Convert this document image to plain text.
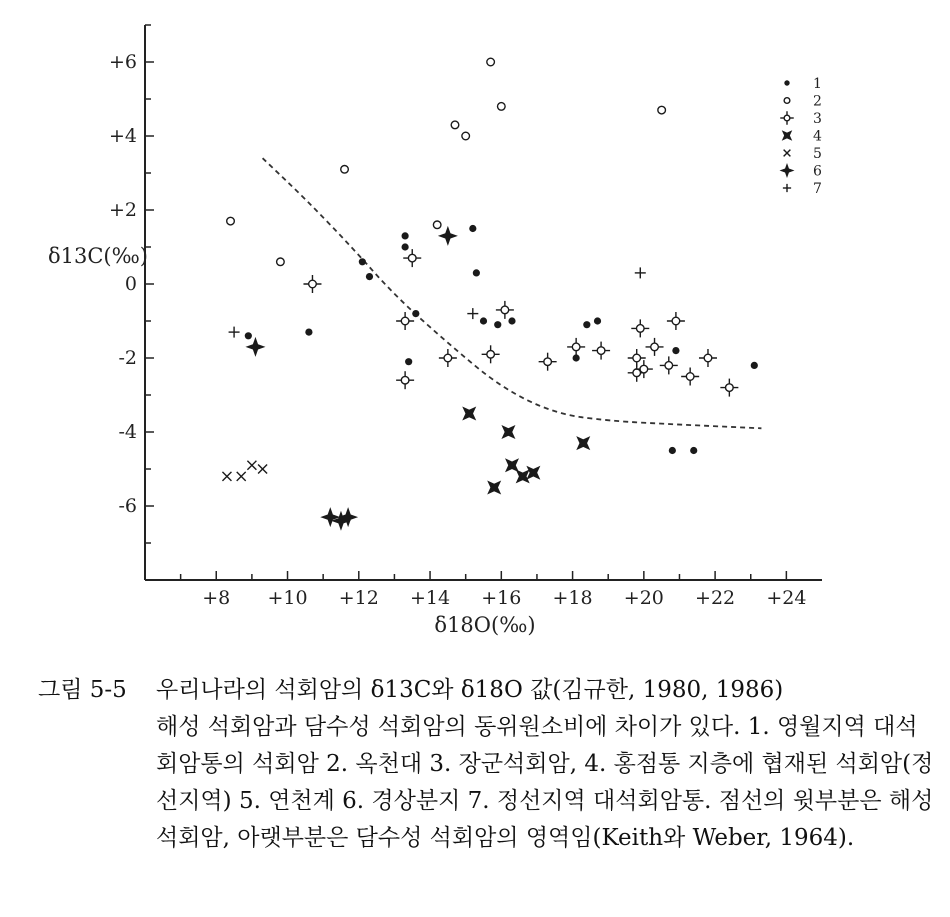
+6
+4
+2
0
-2
-4
-6
+8 +10 +12 +14 +16 +18 +20 +22 +24
δ13C(‰)
δ18O(‰)
1
2
3
4
5
6
7
그림 5-5	우리나라의 석회암의 δ13C와 δ18O 값(김규한, 1980, 1986)
해성 석회암과 담수성 석회암의 동위원소비에 차이가 있다. 1. 영월지역 대석회암통의 석회암 2. 옥천대 3. 장군석회암, 4. 홍점통 지층에 협재된 석회암(정선지역) 5. 연천계 6. 경상분지 7. 정선지역 대석회암통. 점선의 윗부분은 해성 석회암, 아랫부분은 담수성 석회암의 영역임(Keith와 Weber, 1964).
